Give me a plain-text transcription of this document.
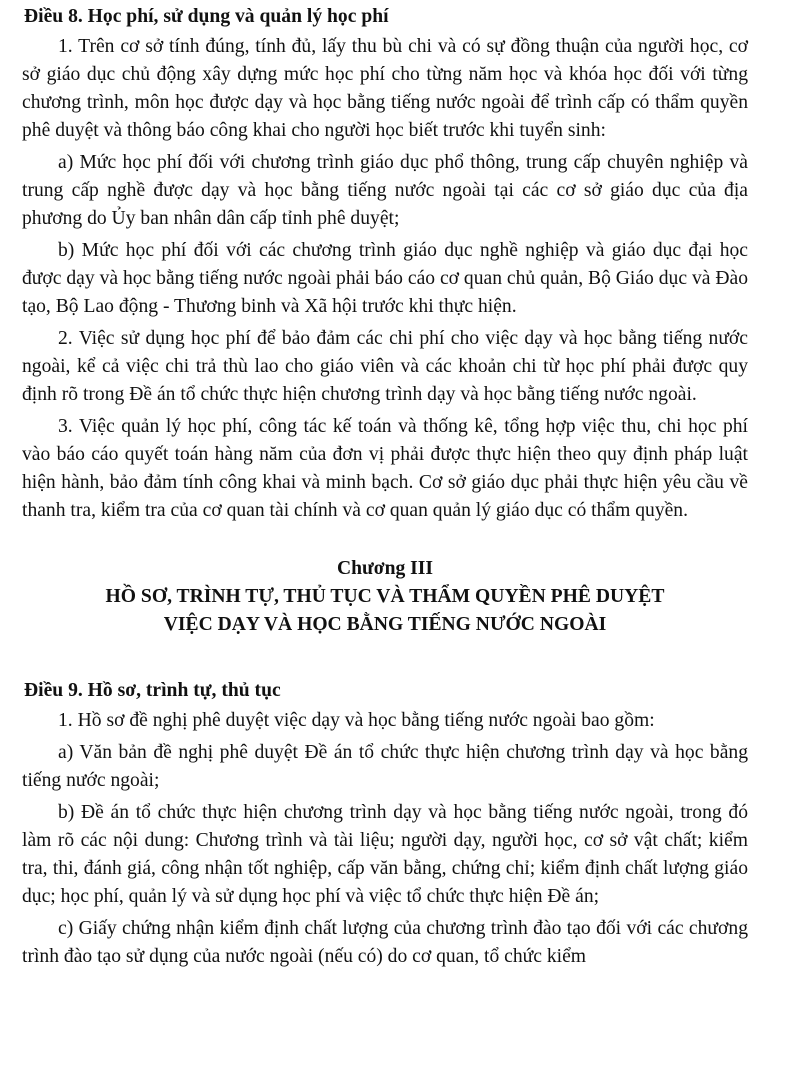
Điều 8. Học phí, sử dụng và quản lý học phí

1. Trên cơ sở tính đúng, tính đủ, lấy thu bù chi và có sự đồng thuận của người học, cơ sở giáo dục chủ động xây dựng mức học phí cho từng năm học và khóa học đối với từng chương trình, môn học được dạy và học bằng tiếng nước ngoài để trình cấp có thẩm quyền phê duyệt và thông báo công khai cho người học biết trước khi tuyển sinh:

a) Mức học phí đối với chương trình giáo dục phổ thông, trung cấp chuyên nghiệp và trung cấp nghề được dạy và học bằng tiếng nước ngoài tại các cơ sở giáo dục của địa phương do Ủy ban nhân dân cấp tỉnh phê duyệt;

b) Mức học phí đối với các chương trình giáo dục nghề nghiệp và giáo dục đại học được dạy và học bằng tiếng nước ngoài phải báo cáo cơ quan chủ quản, Bộ Giáo dục và Đào tạo, Bộ Lao động - Thương binh và Xã hội trước khi thực hiện.

2. Việc sử dụng học phí để bảo đảm các chi phí cho việc dạy và học bằng tiếng nước ngoài, kể cả việc chi trả thù lao cho giáo viên và các khoản chi từ học phí phải được quy định rõ trong Đề án tổ chức thực hiện chương trình dạy và học bằng tiếng nước ngoài.

3. Việc quản lý học phí, công tác kế toán và thống kê, tổng hợp việc thu, chi học phí vào báo cáo quyết toán hàng năm của đơn vị phải được thực hiện theo quy định pháp luật hiện hành, bảo đảm tính công khai và minh bạch. Cơ sở giáo dục phải thực hiện yêu cầu về thanh tra, kiểm tra của cơ quan tài chính và cơ quan quản lý giáo dục có thẩm quyền.

Chương III
HỒ SƠ, TRÌNH TỰ, THỦ TỤC VÀ THẨM QUYỀN PHÊ DUYỆT
VIỆC DẠY VÀ HỌC BẰNG TIẾNG NƯỚC NGOÀI
Điều 9. Hồ sơ, trình tự, thủ tục

1. Hồ sơ đề nghị phê duyệt việc dạy và học bằng tiếng nước ngoài bao gồm:

a) Văn bản đề nghị phê duyệt Đề án tổ chức thực hiện chương trình dạy và học bằng tiếng nước ngoài;

b) Đề án tổ chức thực hiện chương trình dạy và học bằng tiếng nước ngoài, trong đó làm rõ các nội dung: Chương trình và tài liệu; người dạy, người học, cơ sở vật chất; kiểm tra, thi, đánh giá, công nhận tốt nghiệp, cấp văn bằng, chứng chỉ; kiểm định chất lượng giáo dục; học phí, quản lý và sử dụng học phí và việc tổ chức thực hiện Đề án;

c) Giấy chứng nhận kiểm định chất lượng của chương trình đào tạo đối với các chương trình đào tạo sử dụng của nước ngoài (nếu có) do cơ quan, tổ chức kiểm
